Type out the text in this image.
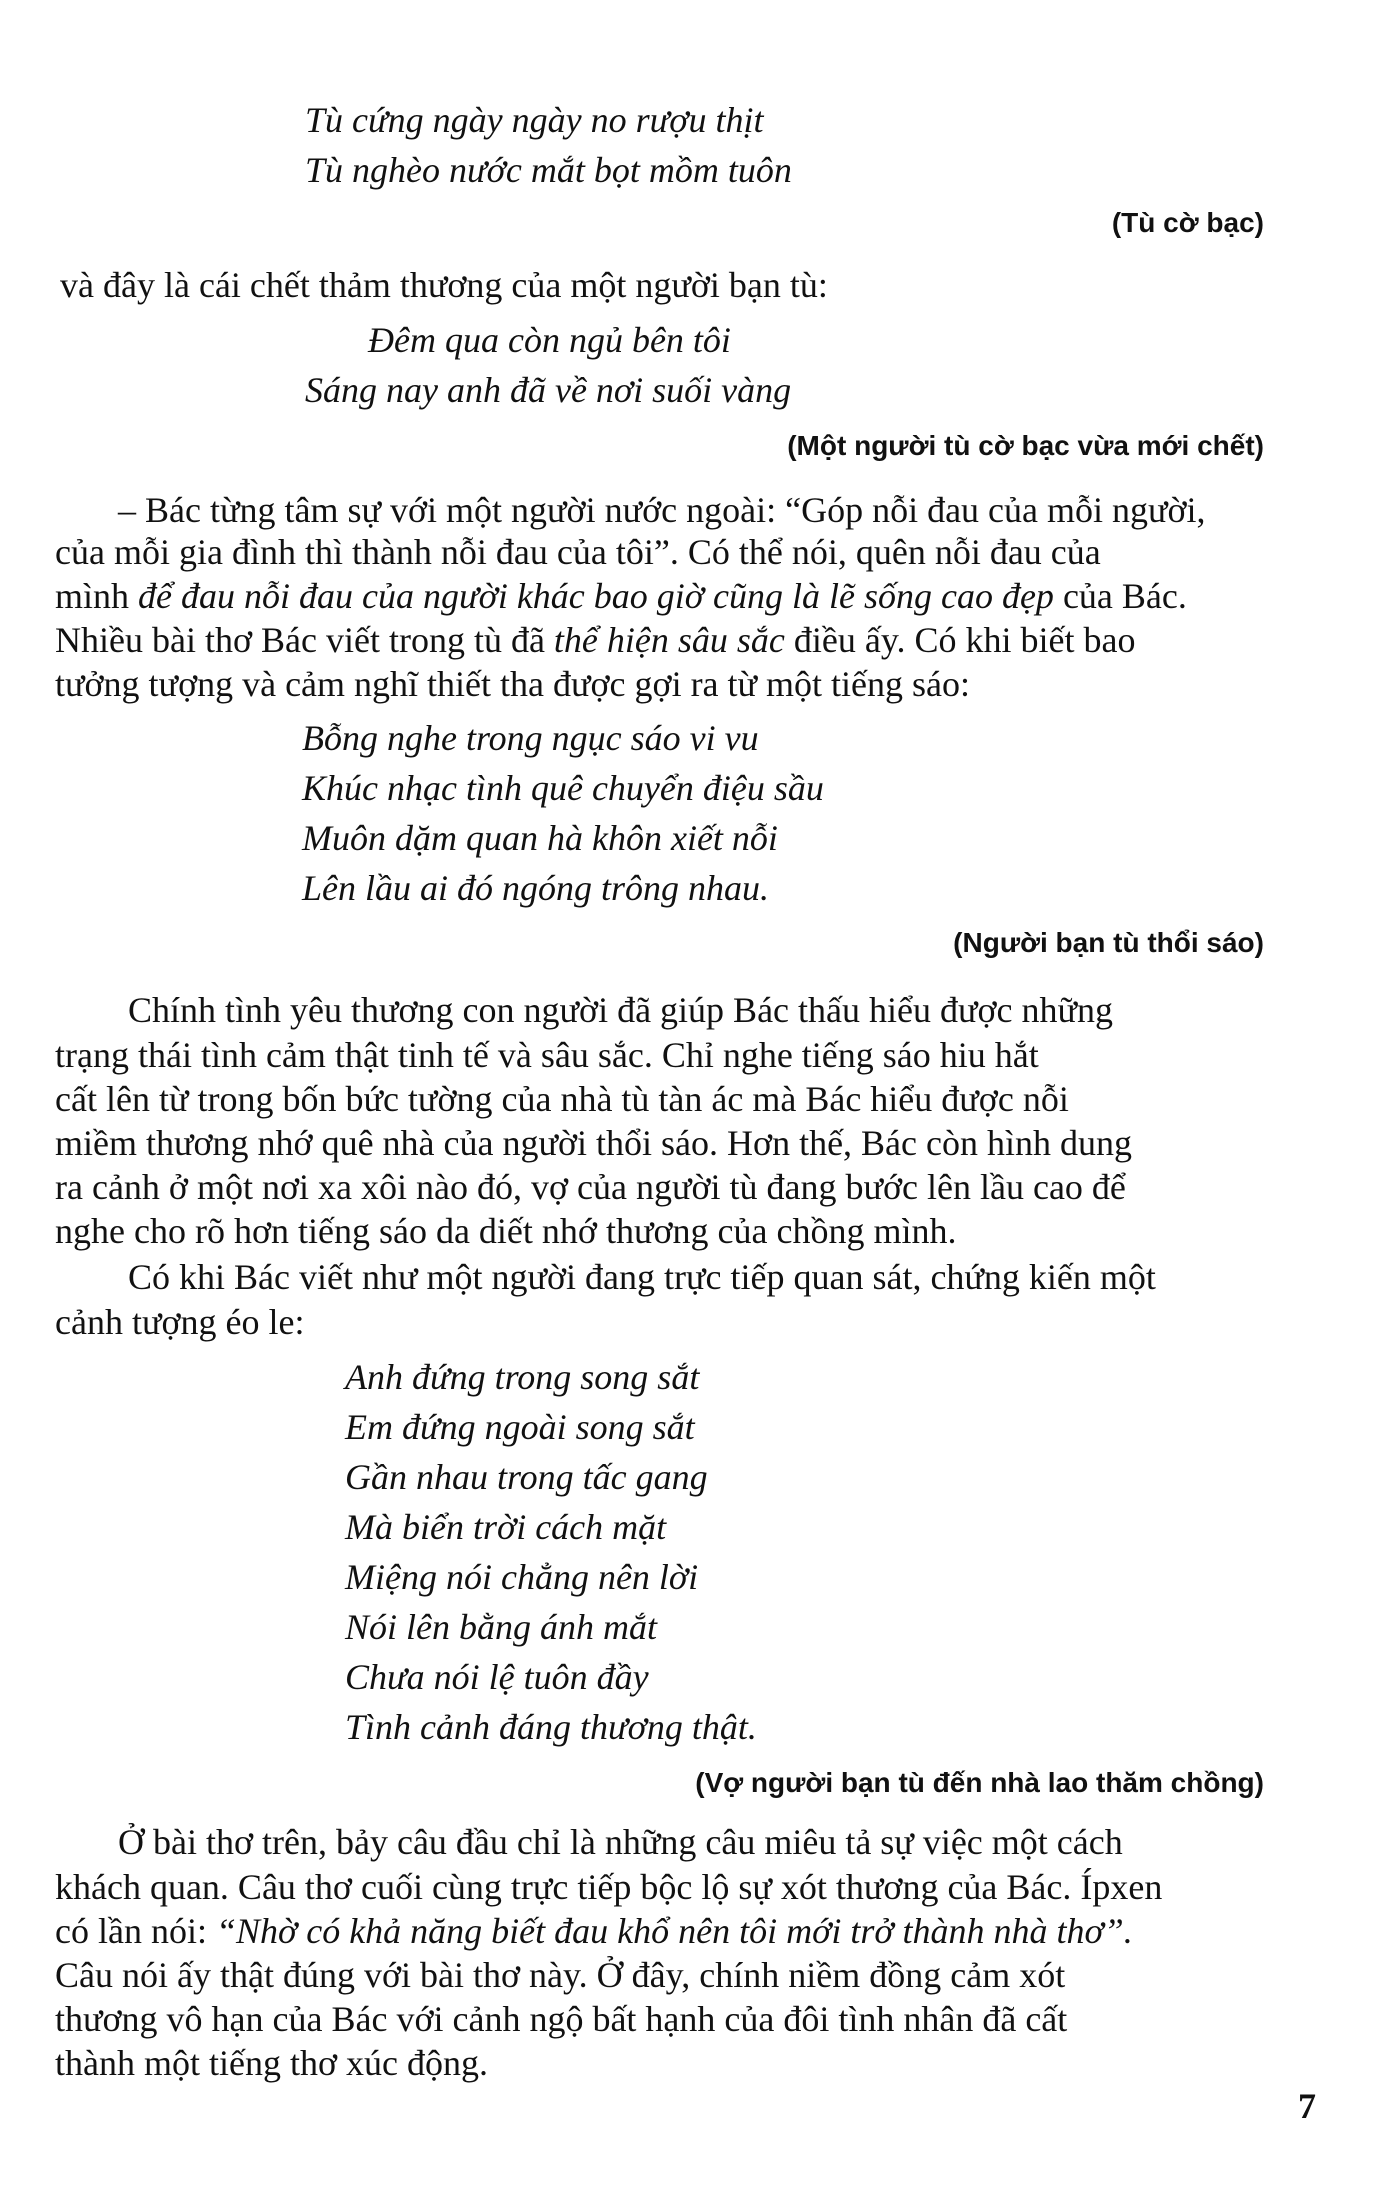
Tù cứng ngày ngày no rượu thịt
Tù nghèo nước mắt bọt mồm tuôn
(Tù cờ bạc)
và đây là cái chết thảm thương của một người bạn tù:
Đêm qua còn ngủ bên tôi
Sáng nay anh đã về nơi suối vàng
(Một người tù cờ bạc vừa mới chết)
– Bác từng tâm sự với một người nước ngoài: “Góp nỗi đau của mỗi người,
của mỗi gia đình thì thành nỗi đau của tôi”. Có thể nói, quên nỗi đau của
mình để đau nỗi đau của người khác bao giờ cũng là lẽ sống cao đẹp của Bác.
Nhiều bài thơ Bác viết trong tù đã thể hiện sâu sắc điều ấy. Có khi biết bao
tưởng tượng và cảm nghĩ thiết tha được gợi ra từ một tiếng sáo:
Bỗng nghe trong ngục sáo vi vu
Khúc nhạc tình quê chuyển điệu sầu
Muôn dặm quan hà khôn xiết nỗi
Lên lầu ai đó ngóng trông nhau.
(Người bạn tù thổi sáo)
Chính tình yêu thương con người đã giúp Bác thấu hiểu được những
trạng thái tình cảm thật tinh tế và sâu sắc. Chỉ nghe tiếng sáo hiu hắt
cất lên từ trong bốn bức tường của nhà tù tàn ác mà Bác hiểu được nỗi
miềm thương nhớ quê nhà của người thổi sáo. Hơn thế, Bác còn hình dung
ra cảnh ở một nơi xa xôi nào đó, vợ của người tù đang bước lên lầu cao để
nghe cho rõ hơn tiếng sáo da diết nhớ thương của chồng mình.
Có khi Bác viết như một người đang trực tiếp quan sát, chứng kiến một
cảnh tượng éo le:
Anh đứng trong song sắt
Em đứng ngoài song sắt
Gần nhau trong tấc gang
Mà biển trời cách mặt
Miệng nói chẳng nên lời
Nói lên bằng ánh mắt
Chưa nói lệ tuôn đầy
Tình cảnh đáng thương thật.
(Vợ người bạn tù đến nhà lao thăm chồng)
Ở bài thơ trên, bảy câu đầu chỉ là những câu miêu tả sự việc một cách
khách quan. Câu thơ cuối cùng trực tiếp bộc lộ sự xót thương của Bác. Ípxen
có lần nói: “Nhờ có khả năng biết đau khổ nên tôi mới trở thành nhà thơ”.
Câu nói ấy thật đúng với bài thơ này. Ở đây, chính niềm đồng cảm xót
thương vô hạn của Bác với cảnh ngộ bất hạnh của đôi tình nhân đã cất
thành một tiếng thơ xúc động.
7
